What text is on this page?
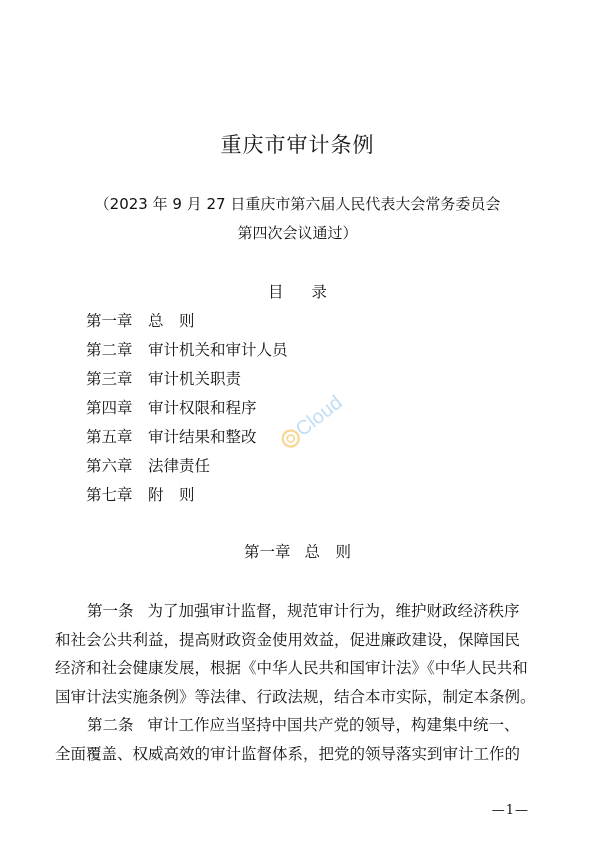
重庆市审计条例
（2023 年 9 月 27 日重庆市第六届人民代表大会常务委员会
第四次会议通过）
目录
第一章 总　则
第二章 审计机关和审计人员
第三章 审计机关职责
第四章 审计权限和程序
第五章 审计结果和整改
第六章 法律责任
第七章 附　则
Cloud
第一章 总　则
第一条 为了加强审计监督，规范审计行为，维护财政经济秩序
和社会公共利益，提高财政资金使用效益，促进廉政建设，保障国民
经济和社会健康发展，根据《中华人民共和国审计法》《中华人民共和
国审计法实施条例》等法律、行政法规，结合本市实际，制定本条例。
第二条 审计工作应当坚持中国共产党的领导，构建集中统一、
全面覆盖、权威高效的审计监督体系，把党的领导落实到审计工作的
—1—
